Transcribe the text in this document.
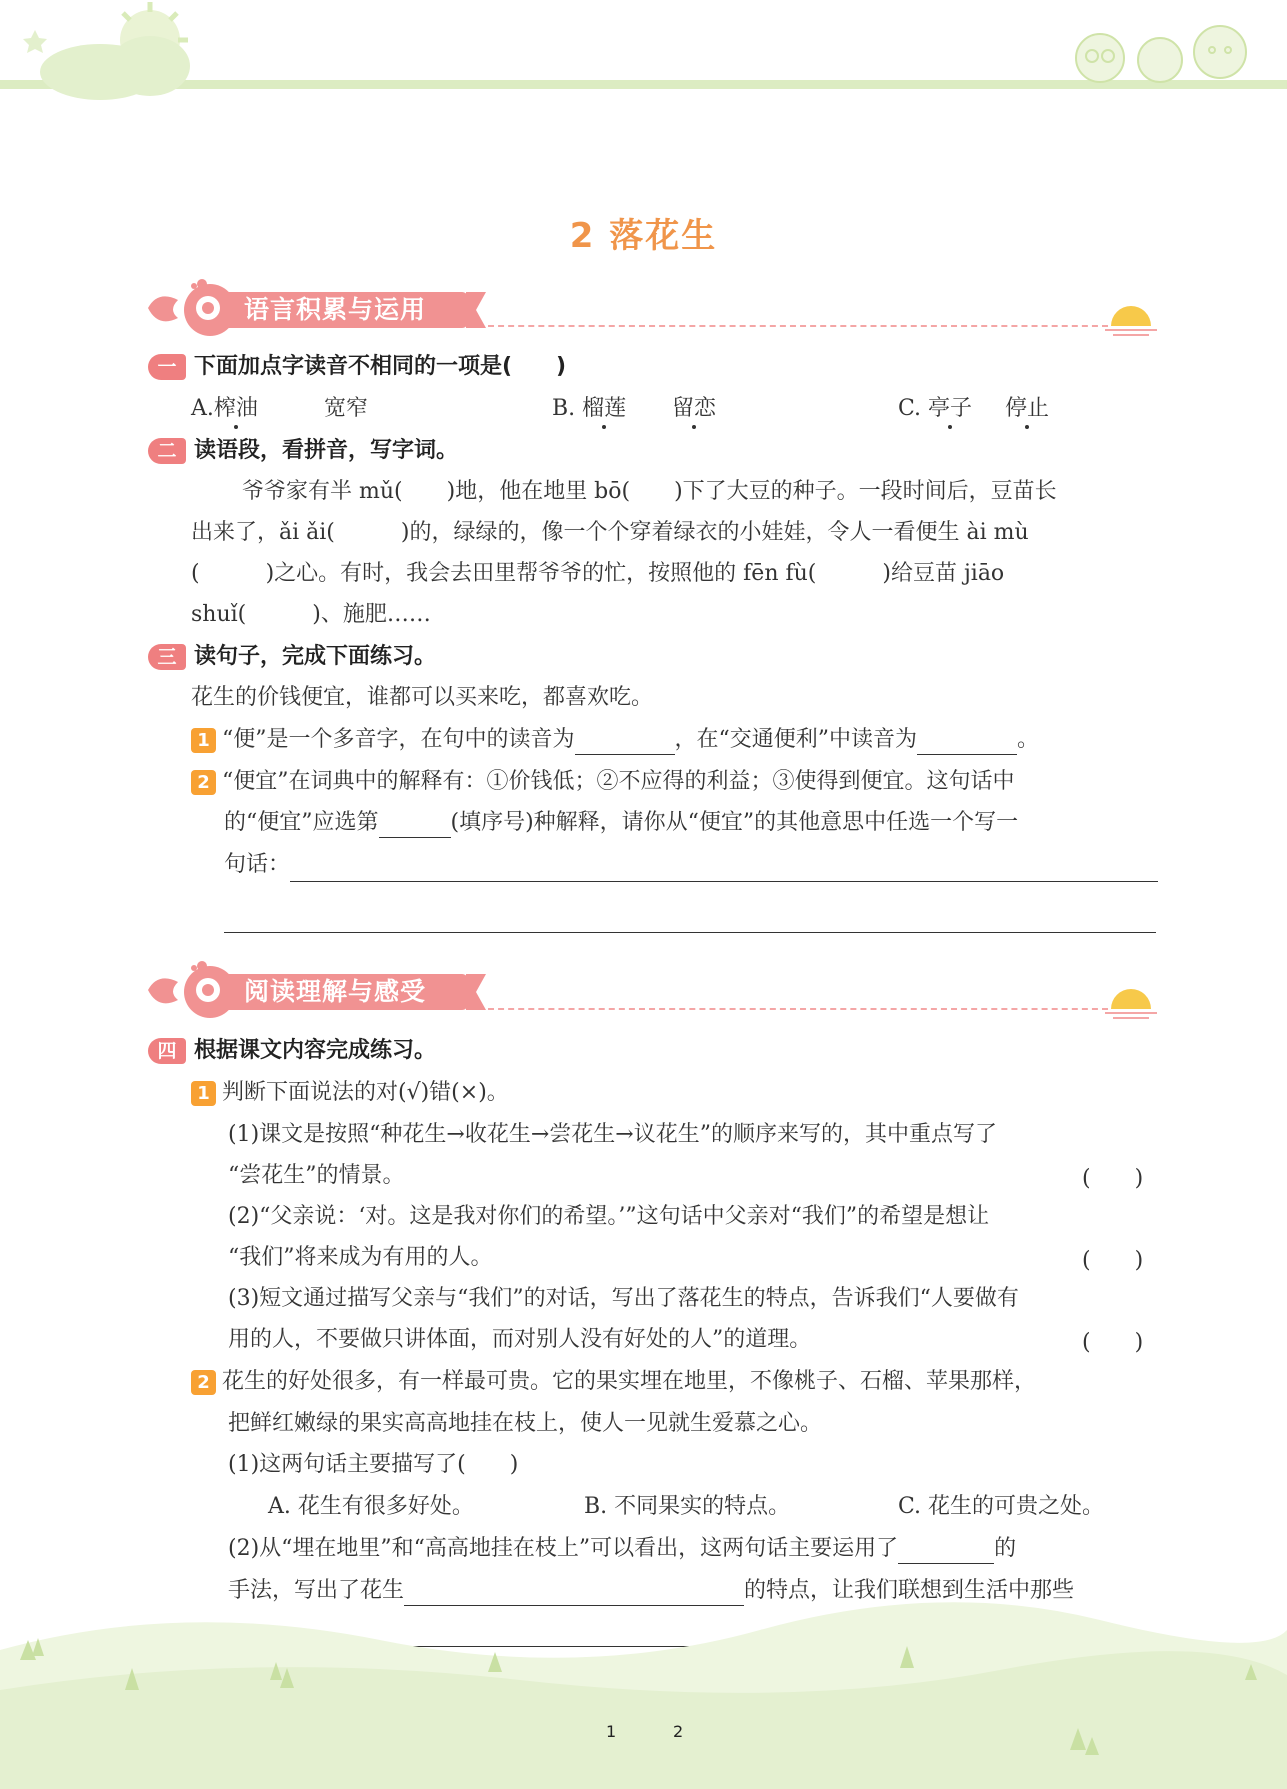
2 落花生
语言积累与运用
一 下面加点字读音不相同的一项是(　　)
A.榨油	宽窄	B. 榴莲 留恋	C. 亭子 停止
二 读语段，看拼音，写字词。
爷爷家有半 mǔ(　　)地，他在地里 bō(　　)下了大豆的种子。一段时间后，豆苗长
出来了，ǎi ǎi(　　　)的，绿绿的，像一个个穿着绿衣的小娃娃，令人一看便生 ài mù
(　　　)之心。有时，我会去田里帮爷爷的忙，按照他的 fēn fù(　　　)给豆苗 jiāo
shuǐ(　　　)、施肥……
三 读句子，完成下面练习。
花生的价钱便宜，谁都可以买来吃，都喜欢吃。
1 “便”是一个多音字，在句中的读音为	，在“交通便利”中读音为	。
2 “便宜”在词典中的解释有：①价钱低；②不应得的利益；③使得到便宜。这句话中
的“便宜”应选第	(填序号)种解释，请你从“便宜”的其他意思中任选一个写一
句话：
阅读理解与感受
四 根据课文内容完成练习。
1 判断下面说法的对(√)错(×)。
(1)课文是按照“种花生→收花生→尝花生→议花生”的顺序来写的，其中重点写了
“尝花生”的情景。	(　　)
(2)“父亲说：‘对。这是我对你们的希望。’”这句话中父亲对“我们”的希望是想让
“我们”将来成为有用的人。	(　　)
(3)短文通过描写父亲与“我们”的对话，写出了落花生的特点，告诉我们“人要做有
用的人，不要做只讲体面，而对别人没有好处的人”的道理。	(　　)
2 花生的好处很多，有一样最可贵。它的果实埋在地里，不像桃子、石榴、苹果那样，
把鲜红嫩绿的果实高高地挂在枝上，使人一见就生爱慕之心。
(1)这两句话主要描写了(　　)
A. 花生有很多好处。	B. 不同果实的特点。	C. 花生的可贵之处。
(2)从“埋在地里”和“高高地挂在枝上”可以看出，这两句话主要运用了	的
手法，写出了花生	的特点，让我们联想到生活中那些
1	2
